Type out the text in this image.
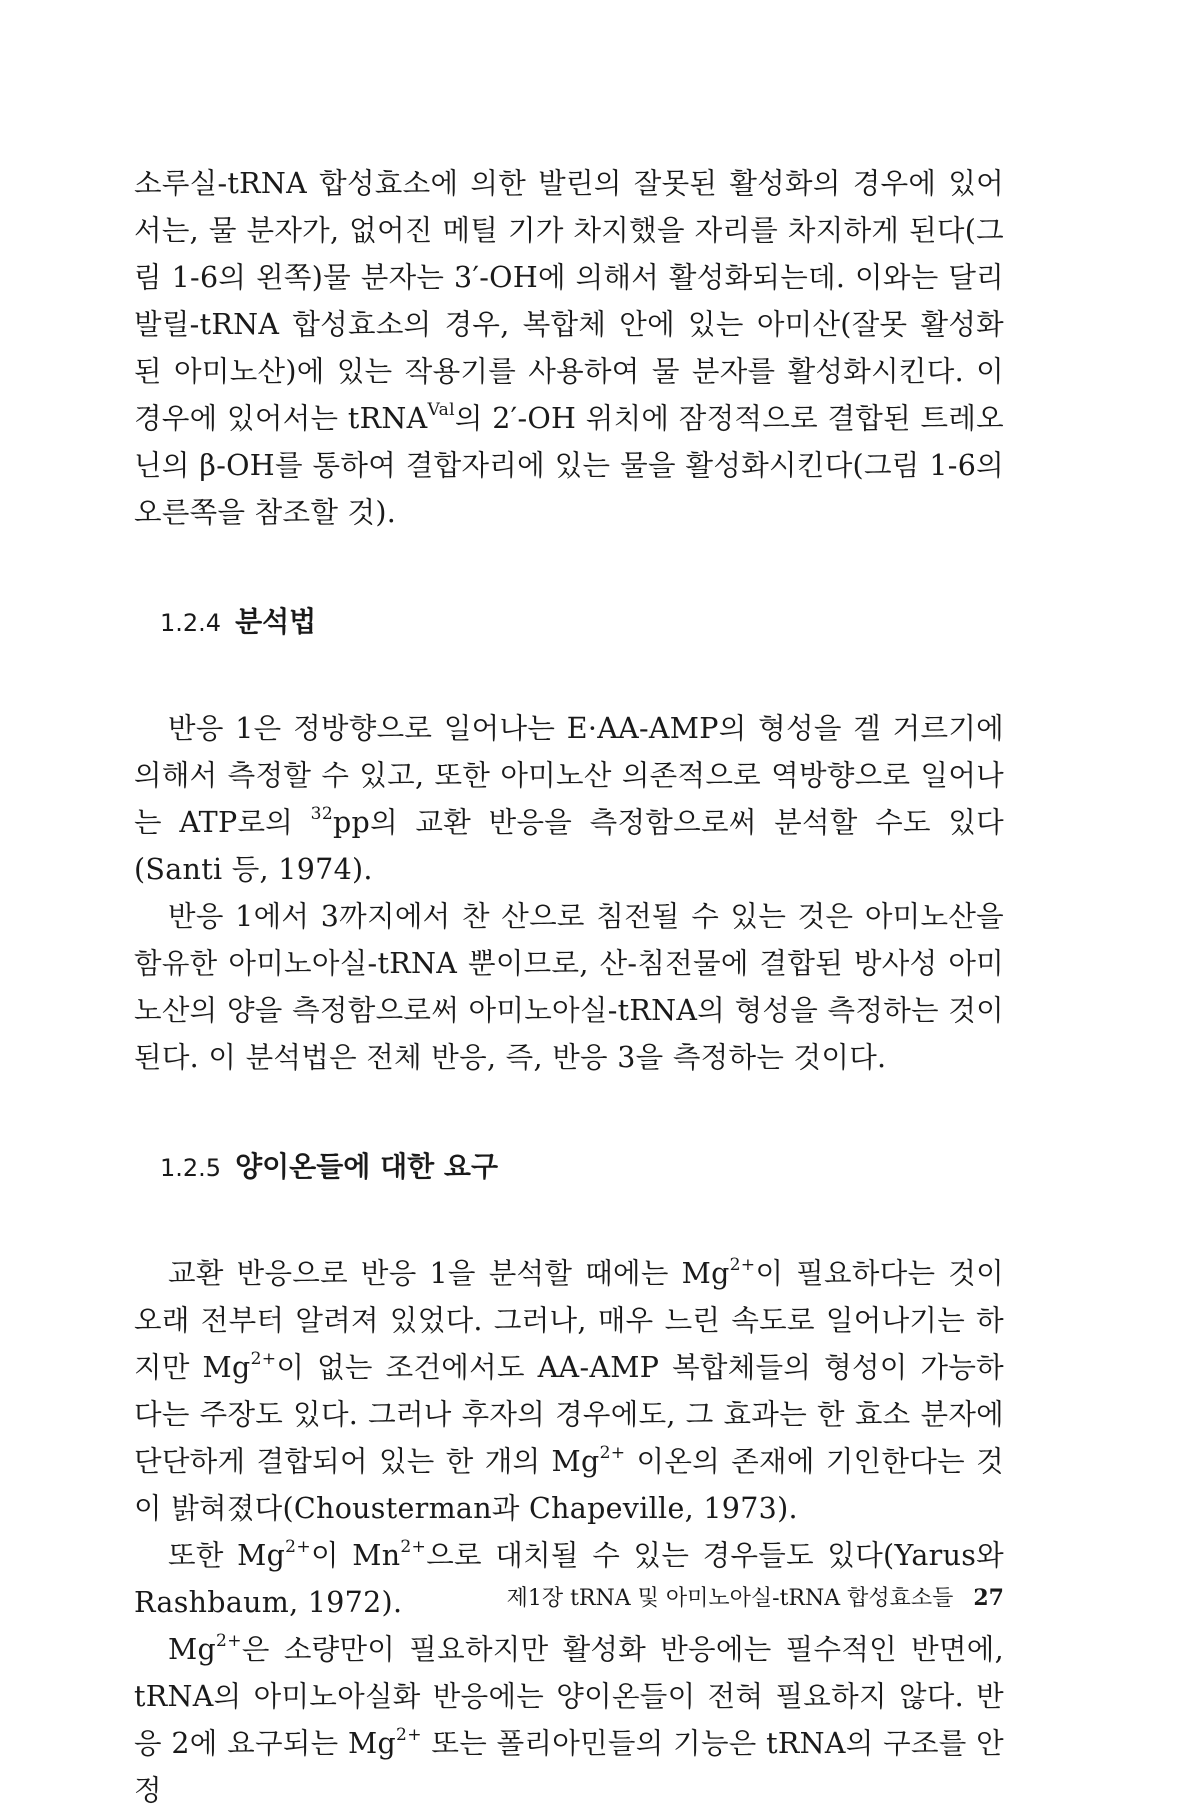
소루실-tRNA 합성효소에 의한 발린의 잘못된 활성화의 경우에 있어서는, 물 분자가, 없어진 메틸 기가 차지했을 자리를 차지하게 된다(그림 1-6의 왼쪽)물 분자는 3′-OH에 의해서 활성화되는데. 이와는 달리 발릴-tRNA 합성효소의 경우, 복합체 안에 있는 아미산(잘못 활성화된 아미노산)에 있는 작용기를 사용하여 물 분자를 활성화시킨다. 이 경우에 있어서는 tRNA$^{Val}$의 2′-OH 위치에 잠정적으로 결합된 트레오닌의 β-OH를 통하여 결합자리에 있는 물을 활성화시킨다(그림 1-6의 오른쪽을 참조할 것).

1.2.4 분석법

반응 1은 정방향으로 일어나는 E·AA-AMP의 형성을 겔 거르기에 의해서 측정할 수 있고, 또한 아미노산 의존적으로 역방향으로 일어나는 ATP로의 $^{32}$pp의 교환 반응을 측정함으로써 분석할 수도 있다(Santi 등, 1974).

반응 1에서 3까지에서 찬 산으로 침전될 수 있는 것은 아미노산을 함유한 아미노아실-tRNA 뿐이므로, 산-침전물에 결합된 방사성 아미노산의 양을 측정함으로써 아미노아실-tRNA의 형성을 측정하는 것이 된다. 이 분석법은 전체 반응, 즉, 반응 3을 측정하는 것이다.

1.2.5 양이온들에 대한 요구

교환 반응으로 반응 1을 분석할 때에는 $Mg^{2+}$이 필요하다는 것이 오래 전부터 알려져 있었다. 그러나, 매우 느린 속도로 일어나기는 하지만 $Mg^{2+}$이 없는 조건에서도 AA-AMP 복합체들의 형성이 가능하다는 주장도 있다. 그러나 후자의 경우에도, 그 효과는 한 효소 분자에 단단하게 결합되어 있는 한 개의 $Mg^{2+}$ 이온의 존재에 기인한다는 것이 밝혀졌다(Chousterman과 Chapeville, 1973).

또한 $Mg^{2+}$이 $Mn^{2+}$으로 대치될 수 있는 경우들도 있다(Yarus와 Rashbaum, 1972).

$Mg^{2+}$은 소량만이 필요하지만 활성화 반응에는 필수적인 반면에, tRNA의 아미노아실화 반응에는 양이온들이 전혀 필요하지 않다. 반응 2에 요구되는 $Mg^{2+}$ 또는 폴리아민들의 기능은 tRNA의 구조를 안정

제1장 tRNA 및 아미노아실-tRNA 합성효소들 27
